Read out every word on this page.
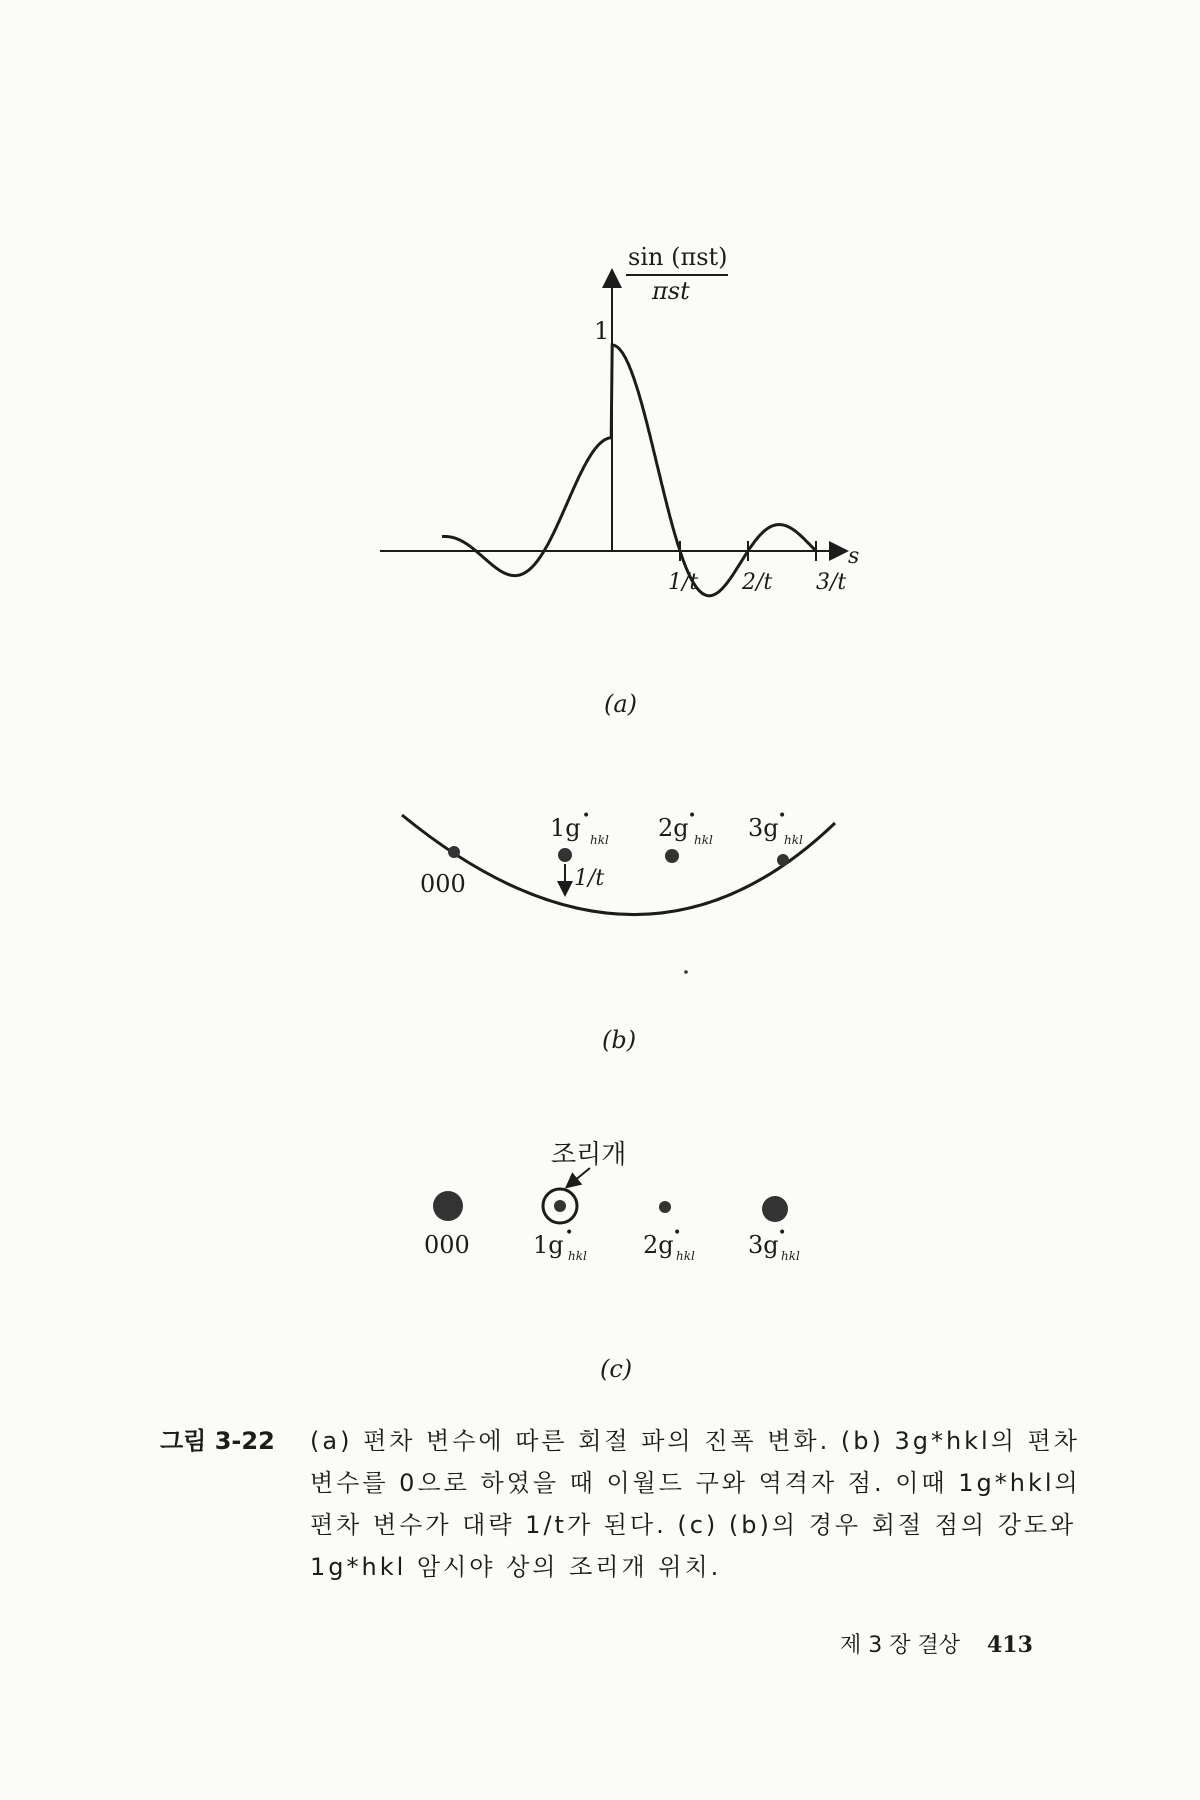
1/t 2/t 3/t
1
s
sin (πst)
πst
(a)
000
1g •
hkl 2g •
hkl 3g •
hkl
1/t
(b)
조리개
000	1g •
hkl 2g •
hkl 3g •
hkl
(c)
그림 3-22	(a) 편차 변수에 따른 회절 파의 진폭 변화. (b) 3g*hkl의 편차 변수를 0으로 하였을 때 이월드 구와 역격자 점. 이때 1g*hkl의 편차 변수가 대략 1/t가 된다. (c) (b)의 경우 회절 점의 강도와 1g*hkl 암시야 상의 조리개 위치.
제 3 장 결상 413
